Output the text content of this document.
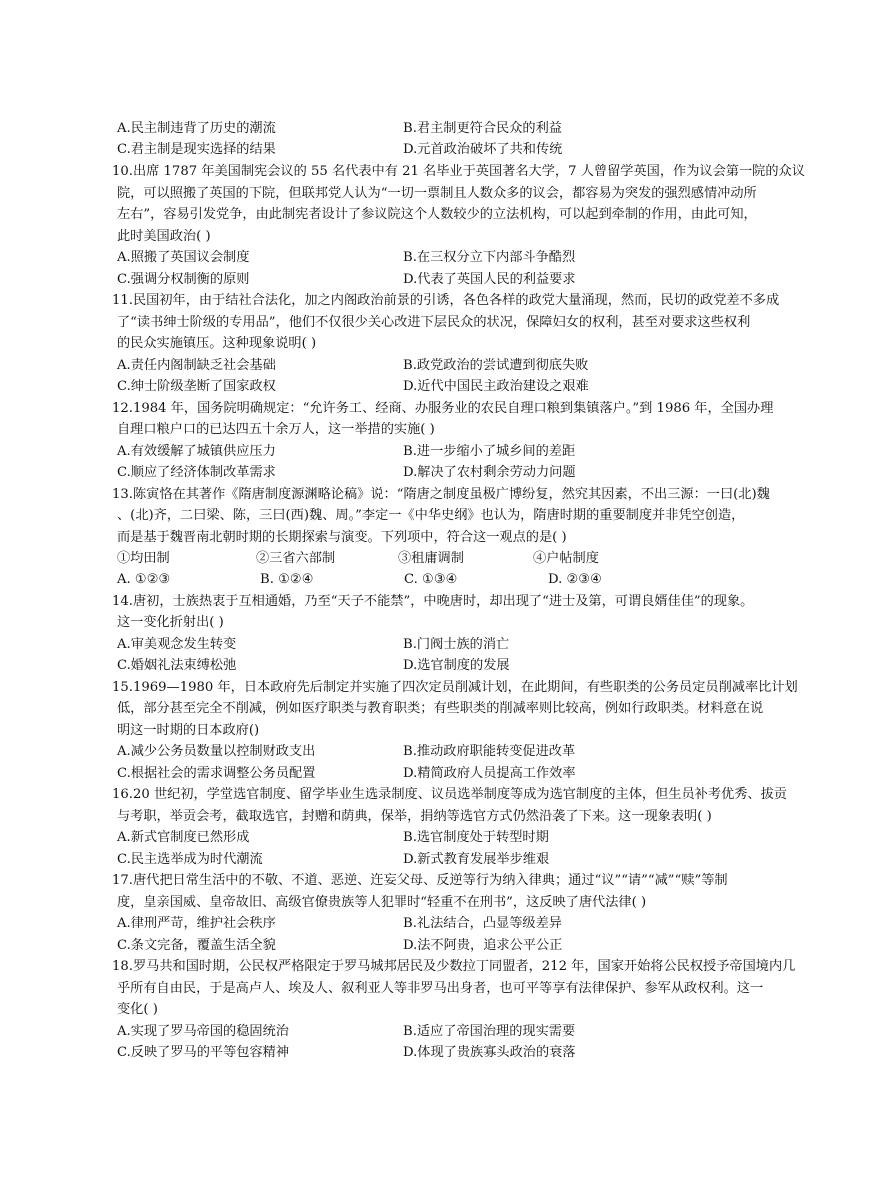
A.民主制违背了历史的潮流	B.君主制更符合民众的利益
C.君主制是现实选择的结果	D.元首政治破坏了共和传统
10.出席 1787 年美国制宪会议的 55 名代表中有 21 名毕业于英国著名大学，7 人曾留学英国，作为议会第一院的众议
院，可以照搬了英国的下院，但联邦党人认为“一切一票制且人数众多的议会，都容易为突发的强烈感情冲动所
左右”，容易引发党争，由此制宪者设计了参议院这个人数较少的立法机构，可以起到牵制的作用，由此可知，
此时美国政治( )
A.照搬了英国议会制度	B.在三权分立下内部斗争酷烈
C.强调分权制衡的原则	D.代表了英国人民的利益要求
11.民国初年，由于结社合法化，加之内阁政治前景的引诱，各色各样的政党大量涌现，然而，民切的政党差不多成
了“读书绅士阶级的专用品”，他们不仅很少关心改进下层民众的状况，保障妇女的权利，甚至对要求这些权利
的民众实施镇压。这种现象说明( )
A.责任内阁制缺乏社会基础	B.政党政治的尝试遭到彻底失败
C.绅士阶级垄断了国家政权	D.近代中国民主政治建设之艰难
12.1984 年，国务院明确规定：“允许务工、经商、办服务业的农民自理口粮到集镇落户。”到 1986 年，全国办理
自理口粮户口的已达四五十余万人，这一举措的实施( )
A.有效缓解了城镇供应压力	B.进一步缩小了城乡间的差距
C.顺应了经济体制改革需求	D.解决了农村剩余劳动力问题
13.陈寅恪在其著作《隋唐制度源渊略论稿》说：“隋唐之制度虽极广博纷复，然究其因素，不出三源：一曰(北)魏
、(北)齐，二曰梁、陈，三曰(西)魏、周。”李定一《中华史纲》也认为，隋唐时期的重要制度并非凭空创造，
而是基于魏晋南北朝时期的长期探索与演变。下列项中，符合这一观点的是( )
①均田制	②三省六部制	③租庸调制	④户帖制度
A. ①②③	B. ①②④	C. ①③④	D. ②③④
14.唐初，士族热衷于互相通婚，乃至“天子不能禁”，中晚唐时，却出现了“进士及第，可谓良婿佳佳”的现象。
这一变化折射出( )
A.审美观念发生转变	B.门阀士族的消亡
C.婚姻礼法束缚松弛	D.选官制度的发展
15.1969—1980 年，日本政府先后制定并实施了四次定员削减计划，在此期间，有些职类的公务员定员削减率比计划
低，部分甚至完全不削减，例如医疗职类与教育职类；有些职类的削减率则比较高，例如行政职类。材料意在说
明这一时期的日本政府()
A.减少公务员数量以控制财政支出	B.推动政府职能转变促进改革
C.根据社会的需求调整公务员配置	D.精简政府人员提高工作效率
16.20 世纪初，学堂选官制度、留学毕业生选录制度、议员选举制度等成为选官制度的主体，但生员补考优秀、拔贡
与考职，举贡会考，截取选官，封赠和荫典，保举，捐纳等选官方式仍然沿袭了下来。这一现象表明( )
A.新式官制度已然形成	B.选官制度处于转型时期
C.民主选举成为时代潮流	D.新式教育发展举步维艰
17.唐代把日常生活中的不敬、不道、恶逆、迕妄父母、反逆等行为纳入律典；通过“议”“请”“减”“赎”等制
度，皇亲国威、皇帝故旧、高级官僚贵族等人犯罪时“轻重不在刑书”，这反映了唐代法律( )
A.律刑严苛，维护社会秩序	B.礼法结合，凸显等级差异
C.条文完备，覆盖生活全貌	D.法不阿贵，追求公平公正
18.罗马共和国时期，公民权严格限定于罗马城邦居民及少数拉丁同盟者，212 年，国家开始将公民权授予帝国境内几
乎所有自由民，于是高卢人、埃及人、叙利亚人等非罗马出身者，也可平等享有法律保护、参军从政权利。这一
变化( )
A.实现了罗马帝国的稳固统治	B.适应了帝国治理的现实需要
C.反映了罗马的平等包容精神	D.体现了贵族寡头政治的衰落
